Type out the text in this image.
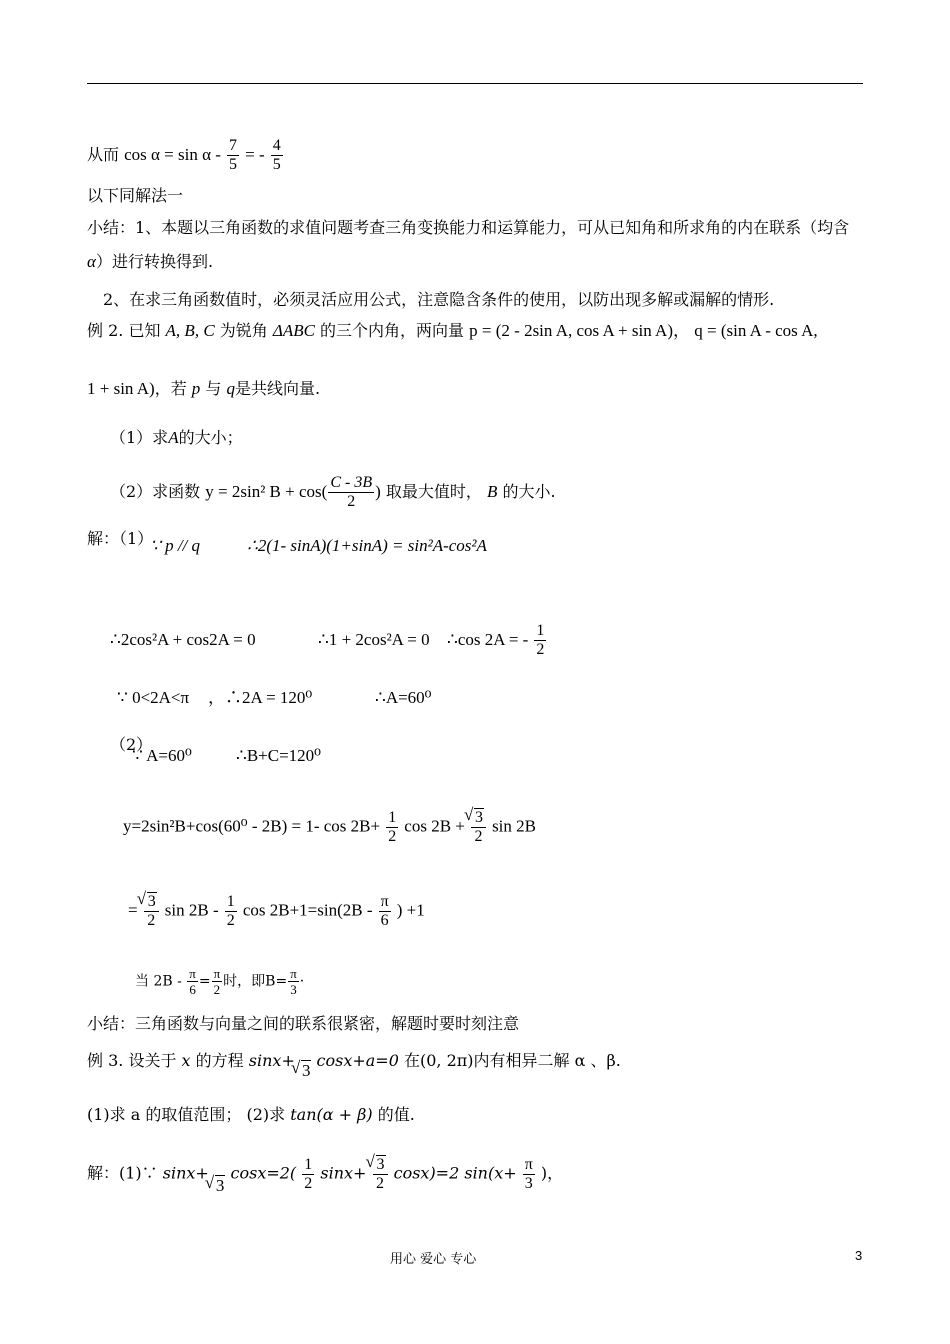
从而 $\cos \alpha = \sin \alpha - \frac{7}{5}$ = - $\frac{4}{5}$
以下同解法一
小结：1、本题以三角函数的求值问题考查三角变换能力和运算能力，可从已知角和所求角的内在联系（均含
α）进行转换得到.
2、在求三角函数值时，必须灵活应用公式，注意隐含条件的使用，以防出现多解或漏解的情形.
例 2. 已知 A, B, C 为锐角 ΔABC 的三个内角，两向量 p = (2 - 2sin A, cos A + sin A)， q = (sin A - cos A,
1 + sin A)，若 p 与 q是共线向量.
（1）求A的大小；
（2）求函数 y = 2sin² $B + \cos( \frac{C - 3B}{2}$ ) 取最大值时， B 的大小.
解：（1）
∵ p // q	∴2(1- sinA)(1+sinA) = sin²A-cos²A
∴2cos²A + cos2A = 0	∴1 + 2cos²A = 0 ∴cos 2A = - $\frac{1}{2}$
∵ 0<2A<π ，∴2A = 120⁰	∴A=60⁰
（2）
∵ A=60⁰	∴B+C=120⁰
y=2sin²B+cos(60⁰ - 2B) = 1- $\cos 2B+ \frac{1}{2}$ cos 2B + √ $\frac{3}{2}$ sin 2B
= √ $\frac{3}{2}$ $\sin 2B - \frac{1}{2}$ $\cos 2B+1=\sin(2B - \frac{\pi}{6}$ ) +1
当 $2B - \frac{\pi}{6} = \frac{\pi}{2}$ 时，即$B= \frac{\pi}{3}$ ·
小结：三角函数与向量之间的联系很紧密，解题时要时刻注意
例 3. 设关于 x 的方程 sinx+ √ 3 cosx+a=0 在(0, 2π)内有相异二解 α 、β.
(1)求 a 的取值范围； (2)求 tan(α + β) 的值.
解：(1)∵ sinx+ √ 3 $\cos x=2( \frac{1}{2} \sin x+$ √ $\frac{3}{2} \cos x)=2$ $\sin(x+ \frac{\pi}{3}$ )，
用心 爱心 专心	3
